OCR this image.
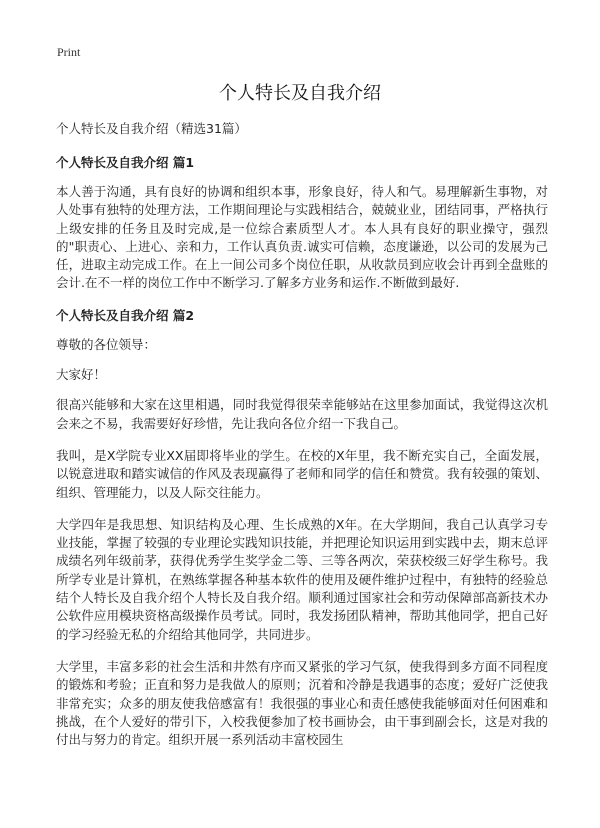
Print
个人特长及自我介绍

个人特长及自我介绍（精选31篇）

个人特长及自我介绍 篇1

本人善于沟通，具有良好的协调和组织本事，形象良好，待人和气。易理解新生事物，对人处事有独特的处理方法，工作期间理论与实践相结合，兢兢业业，团结同事，严格执行上级安排的任务且及时完成,是一位综合素质型人才。本人具有良好的职业操守，强烈的"职责心、上进心、亲和力，工作认真负责.诚实可信赖，态度谦逊，以公司的发展为己任，进取主动完成工作。在上一间公司多个岗位任职，从收款员到应收会计再到全盘账的会计.在不一样的岗位工作中不断学习.了解多方业务和运作.不断做到最好.

个人特长及自我介绍 篇2

尊敬的各位领导：

大家好！

很高兴能够和大家在这里相遇，同时我觉得很荣幸能够站在这里参加面试，我觉得这次机会来之不易，我需要好好珍惜，先让我向各位介绍一下我自己。

我叫，是X学院专业XX届即将毕业的学生。在校的X年里，我不断充实自己，全面发展，以锐意进取和踏实诚信的作风及表现赢得了老师和同学的信任和赞赏。我有较强的策划、组织、管理能力，以及人际交往能力。

大学四年是我思想、知识结构及心理、生长成熟的X年。在大学期间，我自己认真学习专业技能，掌握了较强的专业理论实践知识技能，并把理论知识运用到实践中去，期末总评成绩名列年级前茅，获得优秀学生奖学金二等、三等各两次，荣获校级三好学生称号。我所学专业是计算机，在熟练掌握各种基本软件的使用及硬件维护过程中，有独特的经验总结个人特长及自我介绍个人特长及自我介绍。顺利通过国家社会和劳动保障部高新技术办公软件应用模块资格高级操作员考试。同时，我发扬团队精神，帮助其他同学，把自己好的学习经验无私的介绍给其他同学，共同进步。

大学里，丰富多彩的社会生活和井然有序而又紧张的学习气氛，使我得到多方面不同程度的锻炼和考验；正直和努力是我做人的原则；沉着和冷静是我遇事的态度；爱好广泛使我非常充实；众多的朋友使我倍感富有！我很强的事业心和责任感使我能够面对任何困难和挑战，在个人爱好的带引下，入校我便参加了校书画协会，由干事到副会长，这是对我的付出与努力的肯定。组织开展一系列活动丰富校园生
